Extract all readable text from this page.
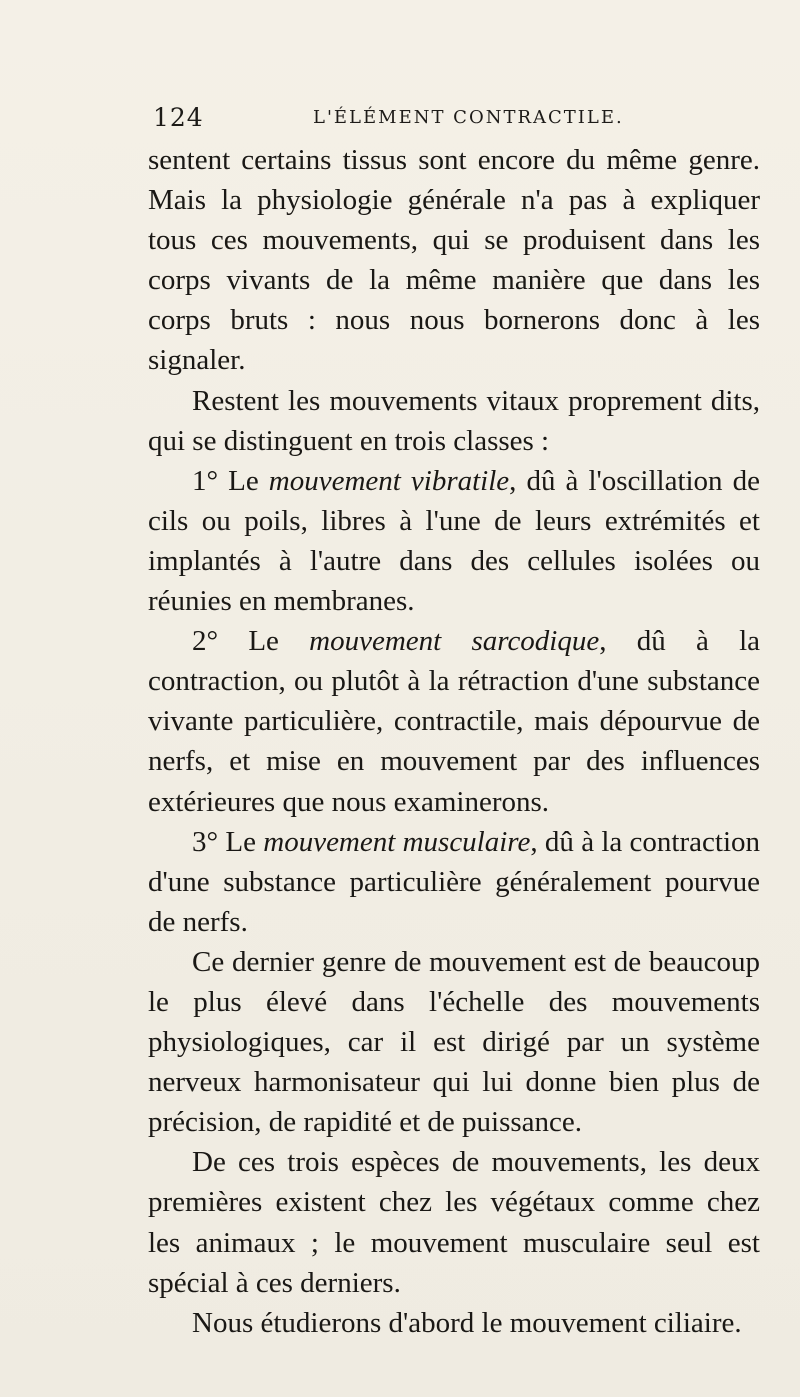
124	L'ÉLÉMENT CONTRACTILE.

sentent certains tissus sont encore du même genre. Mais la physiologie générale n'a pas à expliquer tous ces mouvements, qui se produisent dans les corps vivants de la même manière que dans les corps bruts : nous nous bornerons donc à les signaler.

Restent les mouvements vitaux proprement dits, qui se distinguent en trois classes :

1° Le mouvement vibratile, dû à l'oscillation de cils ou poils, libres à l'une de leurs extrémités et implantés à l'autre dans des cellules isolées ou réunies en membranes.

2° Le mouvement sarcodique, dû à la contraction, ou plutôt à la rétraction d'une substance vivante particulière, contractile, mais dépourvue de nerfs, et mise en mouvement par des influences extérieures que nous examinerons.

3° Le mouvement musculaire, dû à la contraction d'une substance particulière généralement pourvue de nerfs.

Ce dernier genre de mouvement est de beaucoup le plus élevé dans l'échelle des mouvements physiologiques, car il est dirigé par un système nerveux harmonisateur qui lui donne bien plus de précision, de rapidité et de puissance.

De ces trois espèces de mouvements, les deux premières existent chez les végétaux comme chez les animaux ; le mouvement musculaire seul est spécial à ces derniers.

Nous étudierons d'abord le mouvement ciliaire.
